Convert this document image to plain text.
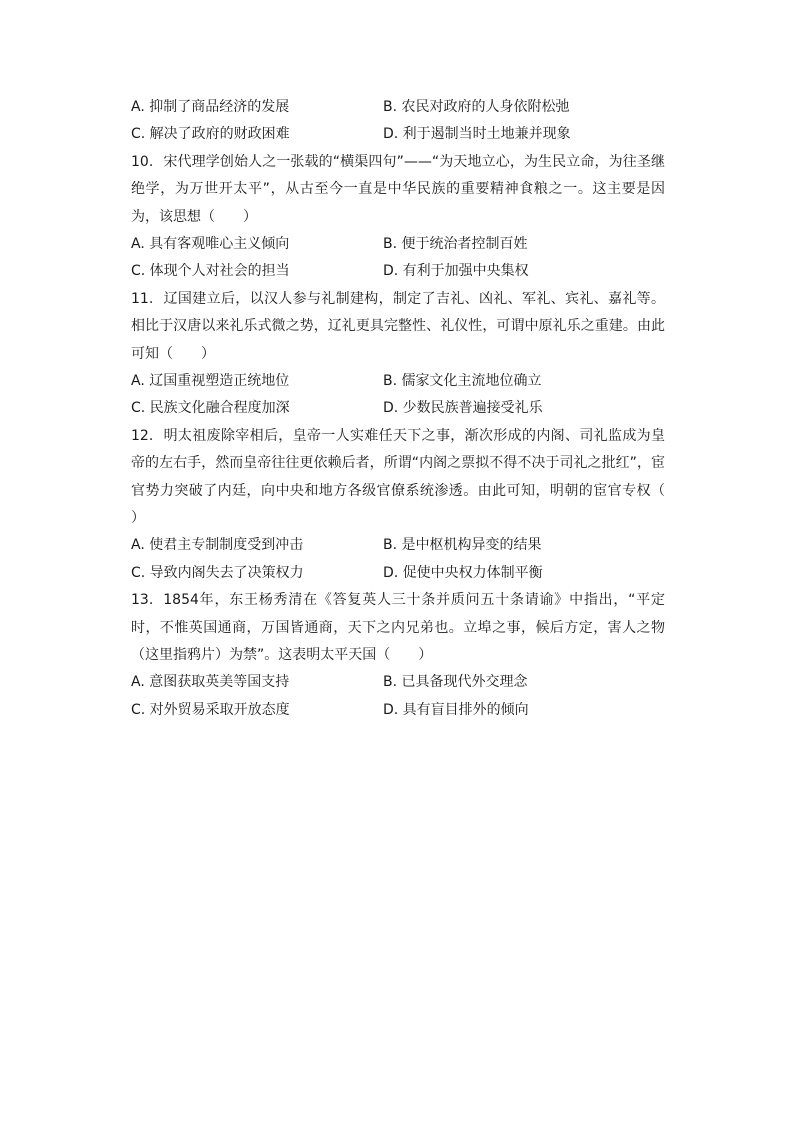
A. 抑制了商品经济的发展	B. 农民对政府的人身依附松弛
C. 解决了政府的财政困难	D. 利于遏制当时土地兼并现象
10. 宋代理学创始人之一张载的“横渠四句”——“为天地立心，为生民立命，为往圣继绝学，为万世开太平”，从古至今一直是中华民族的重要精神食粮之一。这主要是因为，该思想（　　）
A. 具有客观唯心主义倾向	B. 便于统治者控制百姓
C. 体现个人对社会的担当	D. 有利于加强中央集权
11. 辽国建立后，以汉人参与礼制建构，制定了吉礼、凶礼、军礼、宾礼、嘉礼等。相比于汉唐以来礼乐式微之势，辽礼更具完整性、礼仪性，可谓中原礼乐之重建。由此可知（　　）
A. 辽国重视塑造正统地位	B. 儒家文化主流地位确立
C. 民族文化融合程度加深	D. 少数民族普遍接受礼乐
12. 明太祖废除宰相后，皇帝一人实难任天下之事，渐次形成的内阁、司礼监成为皇帝的左右手，然而皇帝往往更依赖后者，所谓“内阁之票拟不得不决于司礼之批红”，宦官势力突破了内廷，向中央和地方各级官僚系统渗透。由此可知，明朝的宦官专权（　　）
A. 使君主专制制度受到冲击	B. 是中枢机构异变的结果
C. 导致内阁失去了决策权力	D. 促使中央权力体制平衡
13. 1854年，东王杨秀清在《答复英人三十条并质问五十条请谕》中指出，“平定时，不惟英国通商，万国皆通商，天下之内兄弟也。立埠之事，候后方定，害人之物（这里指鸦片）为禁”。这表明太平天国（　　）
A. 意图获取英美等国支持	B. 已具备现代外交理念
C. 对外贸易采取开放态度	D. 具有盲目排外的倾向
